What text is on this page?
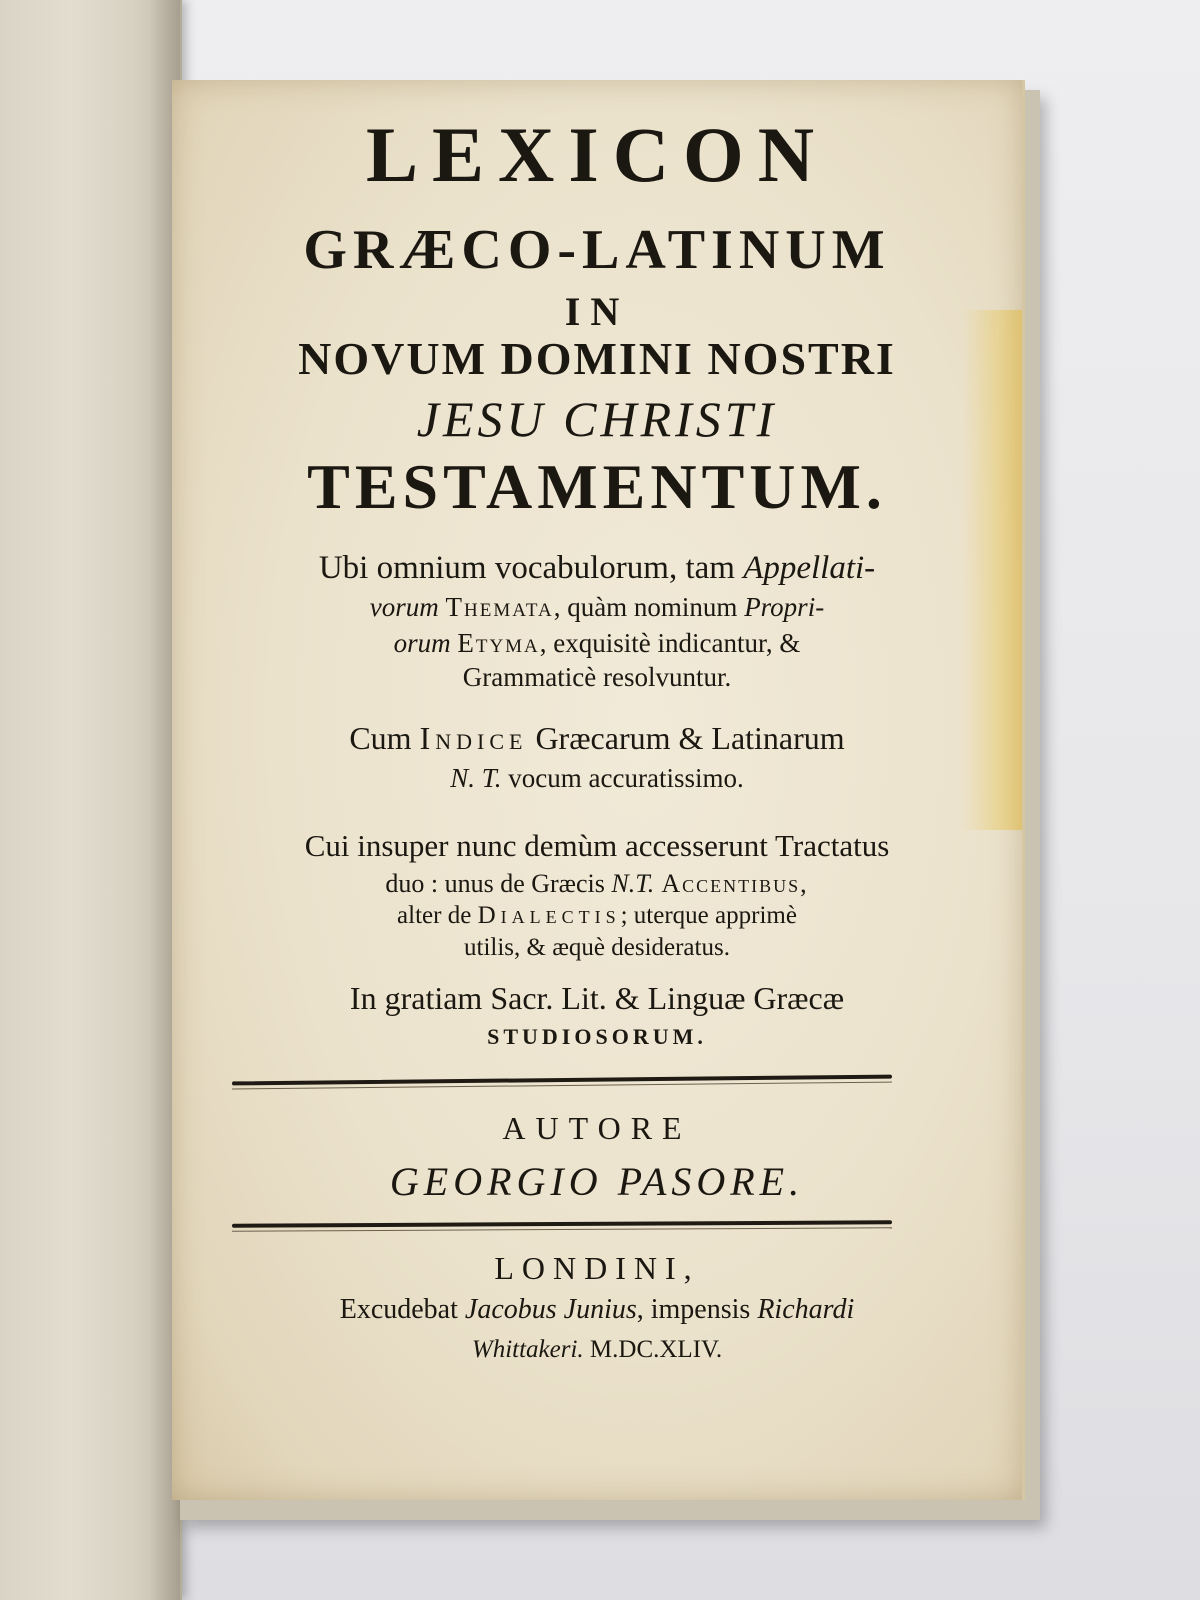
LEXICON
GRÆCO-LATINUM
IN
NOVUM DOMINI NOSTRI
JESU CHRISTI
TESTAMENTUM.
Ubi omnium vocabulorum, tam Appellati-
vorum Themata, quàm nominum Propri-
orum Etyma, exquisitè indicantur, &
Grammaticè resolvuntur.
Cum Indice Græcarum & Latinarum
N. T. vocum accuratissimo.
Cui insuper nunc demùm accesserunt Tractatus
duo : unus de Græcis N.T. Accentibus,
alter de Dialectis; uterque apprimè
utilis, & æquè desideratus.
In gratiam Sacr. Lit. & Linguæ Græcæ
STUDIOSORUM.
AUTORE
GEORGIO PASORE.
LONDINI,
Excudebat Jacobus Junius, impensis Richardi
Whittakeri. M.DC.XLIV.
